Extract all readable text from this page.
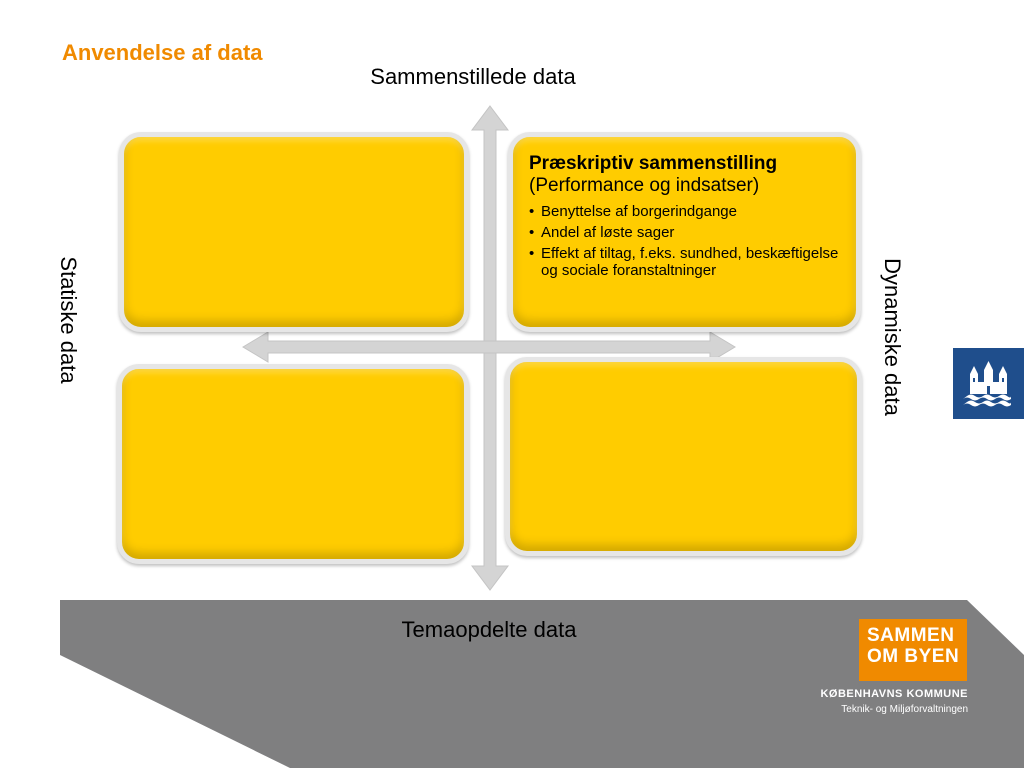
Anvendelse af data
Sammenstillede data
Statiske data	Dynamiske data
Præskriptiv sammenstilling
(Performance og indsatser)
• Benyttelse af borgerindgange
• Andel af løste sager
• Effekt af tiltag, f.eks. sundhed, beskæftigelse og sociale foranstaltninger
Temaopdelte data	SAMMEN
OM BYEN
KØBENHAVNS KOMMUNE
Teknik- og Miljøforvaltningen
